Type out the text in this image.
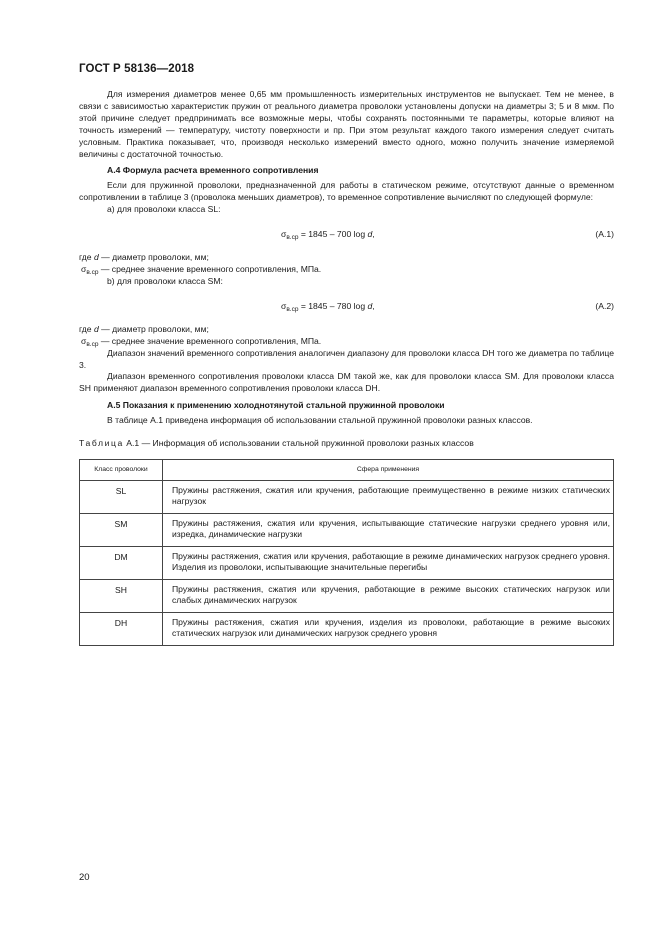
ГОСТ Р 58136—2018

Для измерения диаметров менее 0,65 мм промышленность измерительных инструментов не выпускает. Тем не менее, в связи с зависимостью характеристик пружин от реального диаметра проволоки установлены допуски на диаметры 3; 5 и 8 мкм. По этой причине следует предпринимать все возможные меры, чтобы сохранять постоянными те параметры, которые влияют на точность измерений — температуру, чистоту поверхности и пр. При этом результат каждого такого измерения следует считать условным. Практика показывает, что, производя несколько измерений вместо одного, можно получить значение измеряемой величины с достаточной точностью.

А.4 Формула расчета временного сопротивления

Если для пружинной проволоки, предназначенной для работы в статическом режиме, отсутствуют данные о временном сопротивлении в таблице 3 (проволока меньших диаметров), то временное сопротивление вычисляют по следующей формуле:

а) для проволоки класса SL:

$\sigma_{в.ср} = 1845 - 700$ log d,	(А.1)

где d — диаметр проволоки, мм;

$\sigma_{в.ср}$ — среднее значение временного сопротивления, МПа.

b) для проволоки класса SM:

$\sigma_{в.ср} = 1845 - 780$ log d,	(А.2)

где d — диаметр проволоки, мм;

$\sigma_{в.ср}$ — среднее значение временного сопротивления, МПа.

Диапазон значений временного сопротивления аналогичен диапазону для проволоки класса DH того же диаметра по таблице 3.

Диапазон временного сопротивления проволоки класса DM такой же, как для проволоки класса SM. Для проволоки класса SH применяют диапазон временного сопротивления проволоки класса DH.

А.5 Показания к применению холоднотянутой стальной пружинной проволоки

В таблице А.1 приведена информация об использовании стальной пружинной проволоки разных классов.

Таблица А.1 — Информация об использовании стальной пружинной проволоки разных классов

Класс проволоки	Сфера применения
SL	Пружины растяжения, сжатия или кручения, работающие преимущественно в режиме низких статических нагрузок
SM	Пружины растяжения, сжатия или кручения, испытывающие статические нагрузки среднего уровня или, изредка, динамические нагрузки
DM	Пружины растяжения, сжатия или кручения, работающие в режиме динамических нагрузок среднего уровня. Изделия из проволоки, испытывающие значительные перегибы
SH	Пружины растяжения, сжатия или кручения, работающие в режиме высоких статических нагрузок или слабых динамических нагрузок
DH	Пружины растяжения, сжатия или кручения, изделия из проволоки, работающие в режиме высоких статических нагрузок или динамических нагрузок среднего уровня
20
